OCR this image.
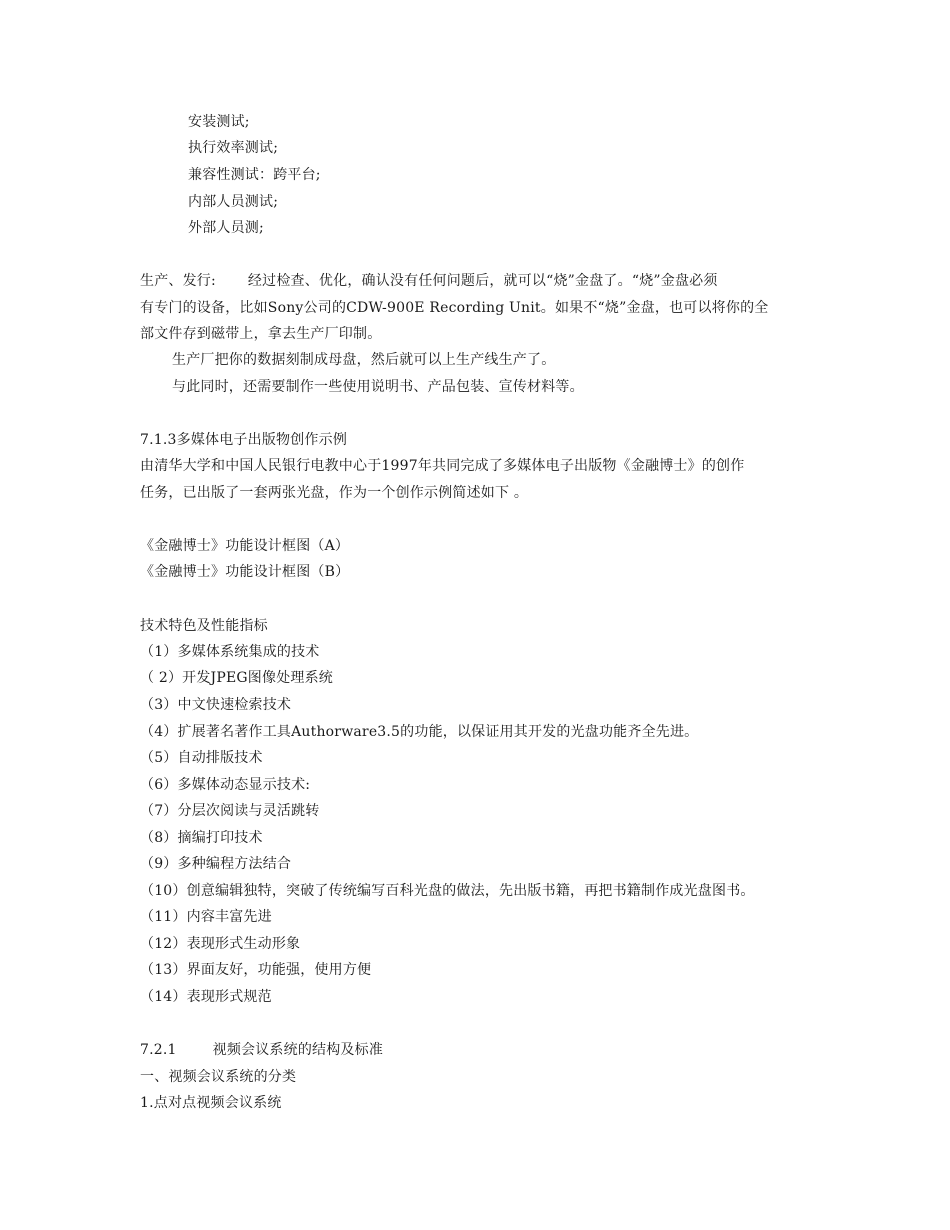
安装测试;
执行效率测试;
兼容性测试：跨平台;
内部人员测试;
外部人员测;
生产、发行: 经过检查、优化，确认没有任何问题后，就可以“烧”金盘了。“烧”金盘必须
有专门的设备，比如Sony公司的CDW-900E Recording Unit。如果不“烧”金盘，也可以将你的全
部文件存到磁带上，拿去生产厂印制。
生产厂把你的数据刻制成母盘，然后就可以上生产线生产了。
与此同时，还需要制作一些使用说明书、产品包装、宣传材料等。
7.1.3多媒体电子出版物创作示例
由清华大学和中国人民银行电教中心于1997年共同完成了多媒体电子出版物《金融博士》的创作
任务，已出版了一套两张光盘，作为一个创作示例简述如下 。
《金融博士》功能设计框图（A）
《金融博士》功能设计框图（B）
技术特色及性能指标
（1）多媒体系统集成的技术
（ 2）开发JPEG图像处理系统
（3）中文快速检索技术
（4）扩展著名著作工具Authorware3.5的功能，以保证用其开发的光盘功能齐全先进。
（5）自动排版技术
（6）多媒体动态显示技术:
（7）分层次阅读与灵活跳转
（8）摘编打印技术
（9）多种编程方法结合
（10）创意编辑独特，突破了传统编写百科光盘的做法，先出版书籍，再把书籍制作成光盘图书。
（11）内容丰富先进
（12）表现形式生动形象
（13）界面友好，功能强，使用方便
（14）表现形式规范
7.2.1	视频会议系统的结构及标准
一、视频会议系统的分类
1.点对点视频会议系统
